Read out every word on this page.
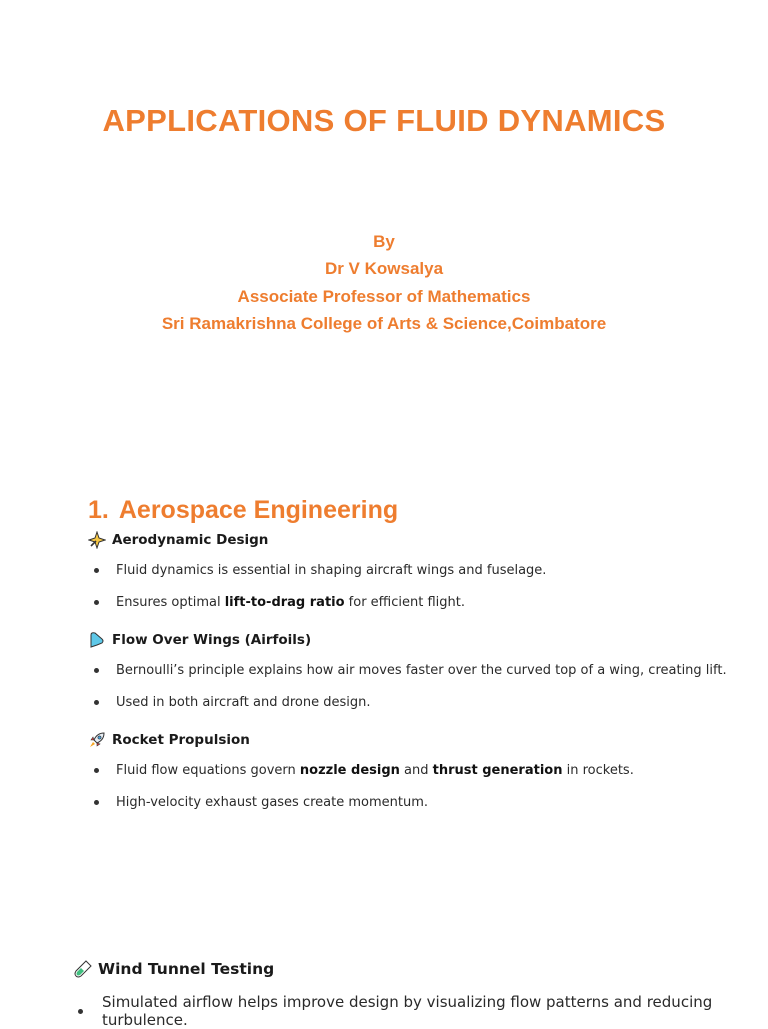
APPLICATIONS OF FLUID DYNAMICS
By
Dr V Kowsalya
Associate Professor of Mathematics
Sri Ramakrishna College of Arts & Science,Coimbatore
1. Aerospace Engineering
Aerodynamic Design
Fluid dynamics is essential in shaping aircraft wings and fuselage.
Ensures optimal lift-to-drag ratio for efficient flight.
Flow Over Wings (Airfoils)
Bernoulli’s principle explains how air moves faster over the curved top of a wing, creating lift.
Used in both aircraft and drone design.
Rocket Propulsion
Fluid flow equations govern nozzle design and thrust generation in rockets.
High-velocity exhaust gases create momentum.
Wind Tunnel Testing
Simulated airflow helps improve design by visualizing flow patterns and reducing turbulence.
